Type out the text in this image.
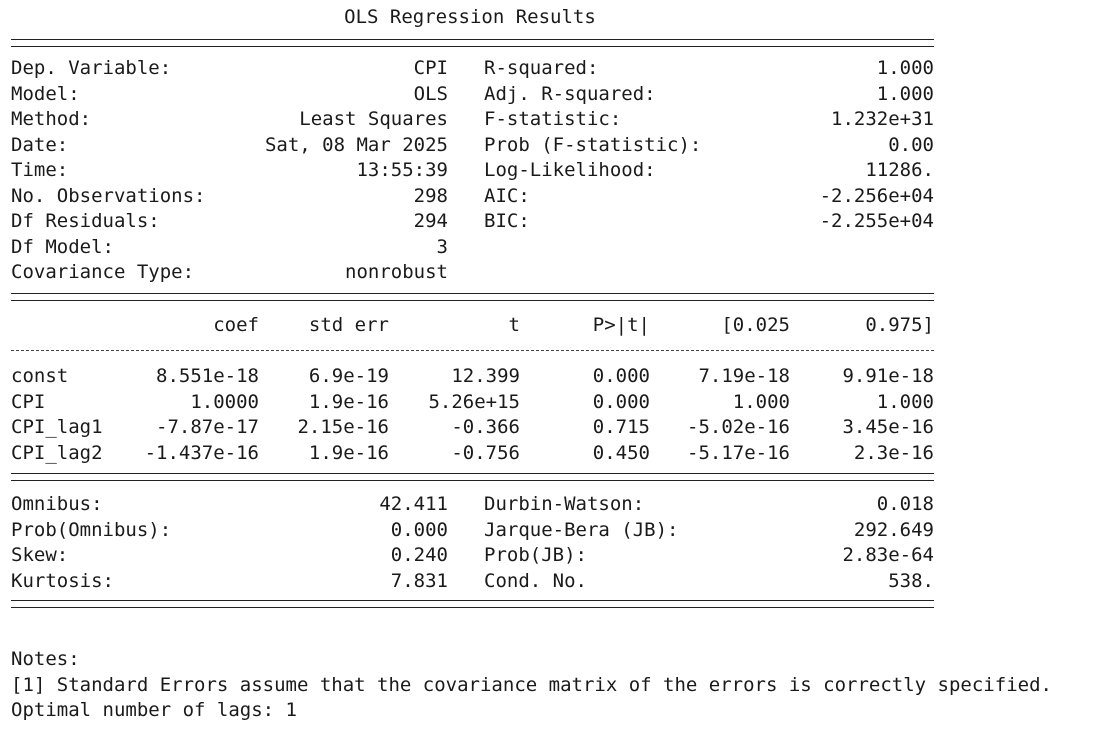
OLS Regression Results
Dep. Variable:	CPI
Model:	OLS
Method:	Least Squares
Date:	Sat, 08 Mar 2025
Time:	13:55:39
No. Observations:	298
Df Residuals:	294
Df Model:	3
Covariance Type:	nonrobust
R-squared:	1.000
Adj. R-squared:	1.000
F-statistic:	1.232e+31
Prob (F-statistic):	0.00
Log-Likelihood:	11286.
AIC:	-2.256e+04
BIC:	-2.255e+04
coef	std err	t	P>|t|	[0.025	0.975]
const	8.551e-18	6.9e-19	12.399	0.000	7.19e-18	9.91e-18
CPI	1.0000	1.9e-16	5.26e+15	0.000	1.000	1.000
CPI_lag1	-7.87e-17	2.15e-16	-0.366	0.715	-5.02e-16	3.45e-16
CPI_lag2	-1.437e-16	1.9e-16	-0.756	0.450	-5.17e-16	2.3e-16
Omnibus:	42.411
Prob(Omnibus):	0.000
Skew:	0.240
Kurtosis:	7.831
Durbin-Watson:	0.018
Jarque-Bera (JB):	292.649
Prob(JB):	2.83e-64
Cond. No.	538.
Notes:
[1] Standard Errors assume that the covariance matrix of the errors is correctly specified.
Optimal number of lags: 1
